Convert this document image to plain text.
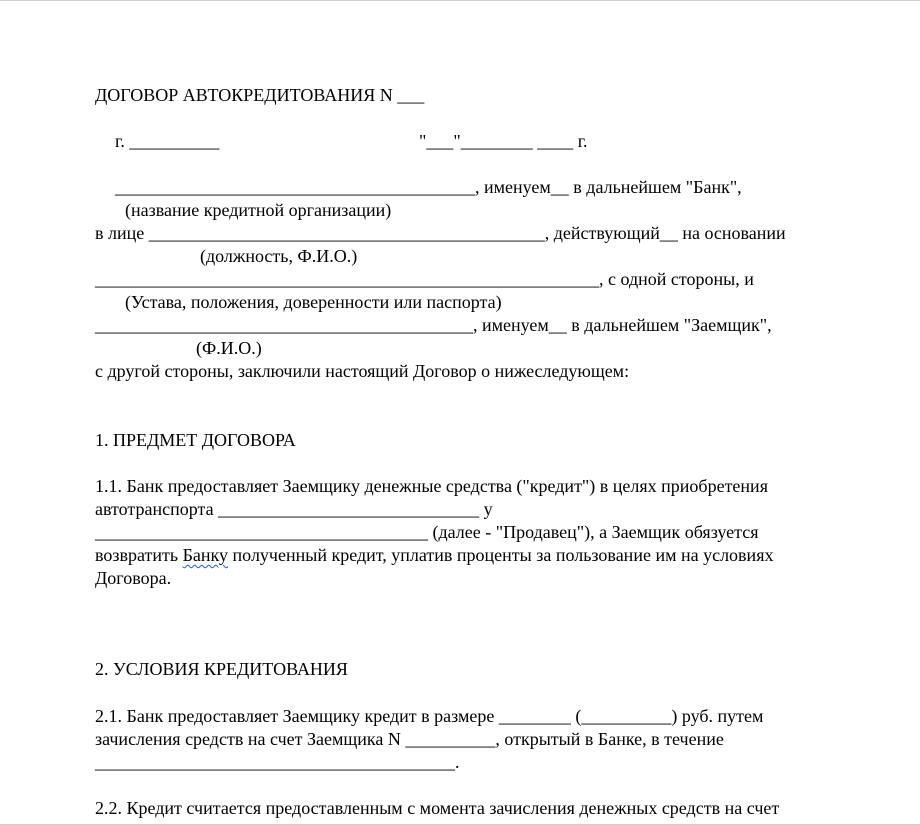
ДОГОВОР АВТОКРЕДИТОВАНИЯ N ___
г. __________	"___"________ ____ г.
________________________________________, именуем__ в дальнейшем "Банк",
(название кредитной организации)
в лице ____________________________________________, действующий__ на основании
(должность, Ф.И.О.)
________________________________________________________, с одной стороны, и
(Устава, положения, доверенности или паспорта)
__________________________________________, именуем__ в дальнейшем "Заемщик",
(Ф.И.О.)
с другой стороны, заключили настоящий Договор о нижеследующем:
1. ПРЕДМЕТ ДОГОВОРА
1.1. Банк предоставляет Заемщику денежные средства ("кредит") в целях приобретения
автотранспорта _____________________________ у
_____________________________________ (далее - "Продавец"), а Заемщик обязуется
возвратить Банку полученный кредит, уплатив проценты за пользование им на условиях
Договора.
2. УСЛОВИЯ КРЕДИТОВАНИЯ
2.1. Банк предоставляет Заемщику кредит в размере ________ (__________) руб. путем
зачисления средств на счет Заемщика N __________, открытый в Банке, в течение
________________________________________.
2.2. Кредит считается предоставленным с момента зачисления денежных средств на счет
